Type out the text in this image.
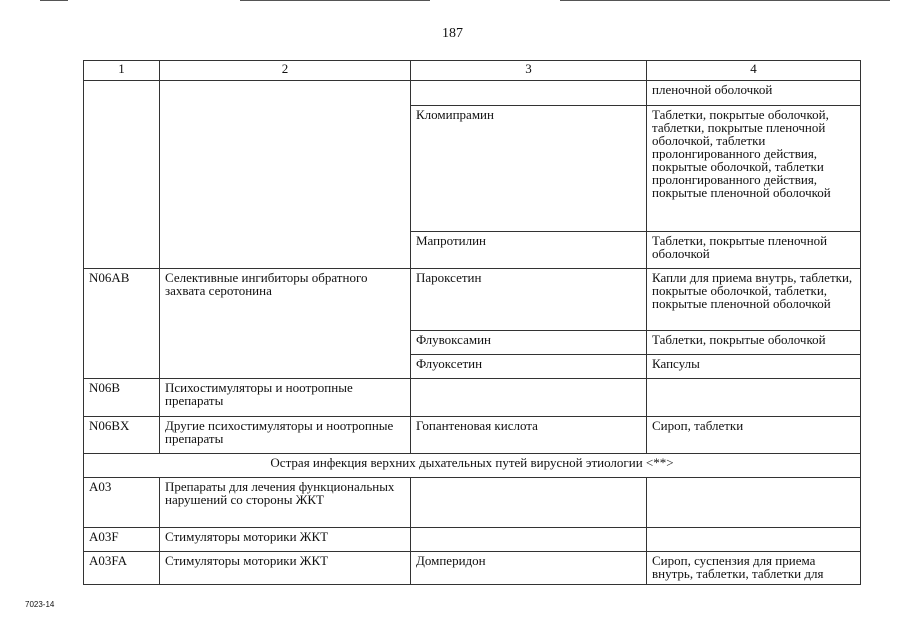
187
1	2	3	4
			пленочной оболочкой
		Кломипрамин	Таблетки, покрытые оболочкой, таблетки, покрытые пленочной оболочкой, таблетки пролонгированного действия, покрытые оболочкой, таблетки пролонгированного действия, покрытые пленочной оболочкой
		Мапротилин	Таблетки, покрытые пленочной оболочкой
N06AB	Селективные ингибиторы обратного захвата серотонина	Пароксетин	Капли для приема внутрь, таблетки, покрытые оболочкой, таблетки, покрытые пленочной оболочкой
		Флувоксамин	Таблетки, покрытые оболочкой
		Флуоксетин	Капсулы
N06B	Психостимуляторы и ноотропные препараты		
N06BX	Другие психостимуляторы и ноотропные препараты	Гопантеновая кислота	Сироп, таблетки
Острая инфекция верхних дыхательных путей вирусной этиологии <**>			
A03	Препараты для лечения функциональных нарушений со стороны ЖКТ		
A03F	Стимуляторы моторики ЖКТ		
A03FA	Стимуляторы моторики ЖКТ	Домперидон	Сироп, суспензия для приема внутрь, таблетки, таблетки для
7023-14
